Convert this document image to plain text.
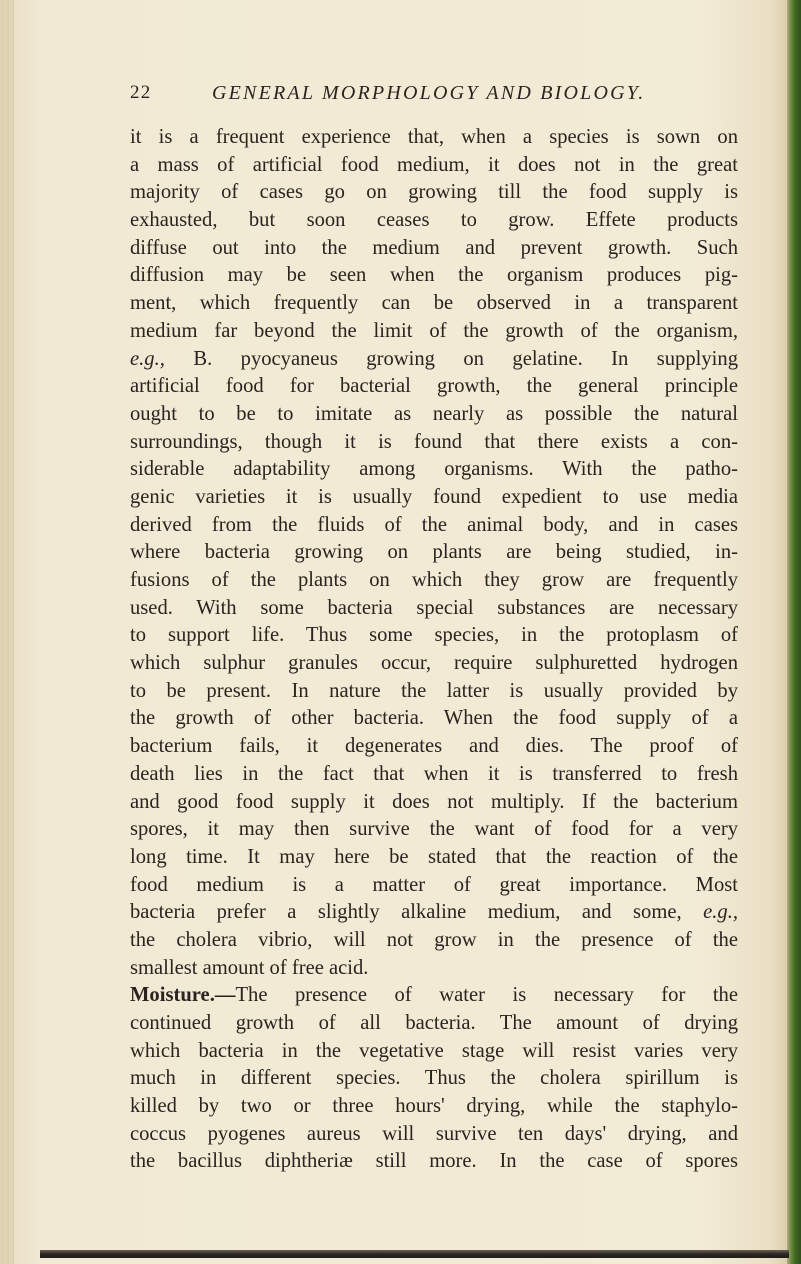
22	GENERAL MORPHOLOGY AND BIOLOGY.
it is a frequent experience that, when a species is sown on
a mass of artificial food medium, it does not in the great
majority of cases go on growing till the food supply is
exhausted, but soon ceases to grow. Effete products
diffuse out into the medium and prevent growth. Such
diffusion may be seen when the organism produces pig-
ment, which frequently can be observed in a transparent
medium far beyond the limit of the growth of the organism,
e.g., B. pyocyaneus growing on gelatine. In supplying
artificial food for bacterial growth, the general principle
ought to be to imitate as nearly as possible the natural
surroundings, though it is found that there exists a con-
siderable adaptability among organisms. With the patho-
genic varieties it is usually found expedient to use media
derived from the fluids of the animal body, and in cases
where bacteria growing on plants are being studied, in-
fusions of the plants on which they grow are frequently
used. With some bacteria special substances are necessary
to support life. Thus some species, in the protoplasm of
which sulphur granules occur, require sulphuretted hydrogen
to be present. In nature the latter is usually provided by
the growth of other bacteria. When the food supply of a
bacterium fails, it degenerates and dies. The proof of
death lies in the fact that when it is transferred to fresh
and good food supply it does not multiply. If the bacterium
spores, it may then survive the want of food for a very
long time. It may here be stated that the reaction of the
food medium is a matter of great importance. Most
bacteria prefer a slightly alkaline medium, and some, e.g.,
the cholera vibrio, will not grow in the presence of the
smallest amount of free acid.
Moisture.—The presence of water is necessary for the
continued growth of all bacteria. The amount of drying
which bacteria in the vegetative stage will resist varies very
much in different species. Thus the cholera spirillum is
killed by two or three hours' drying, while the staphylo-
coccus pyogenes aureus will survive ten days' drying, and
the bacillus diphtheriæ still more. In the case of spores
